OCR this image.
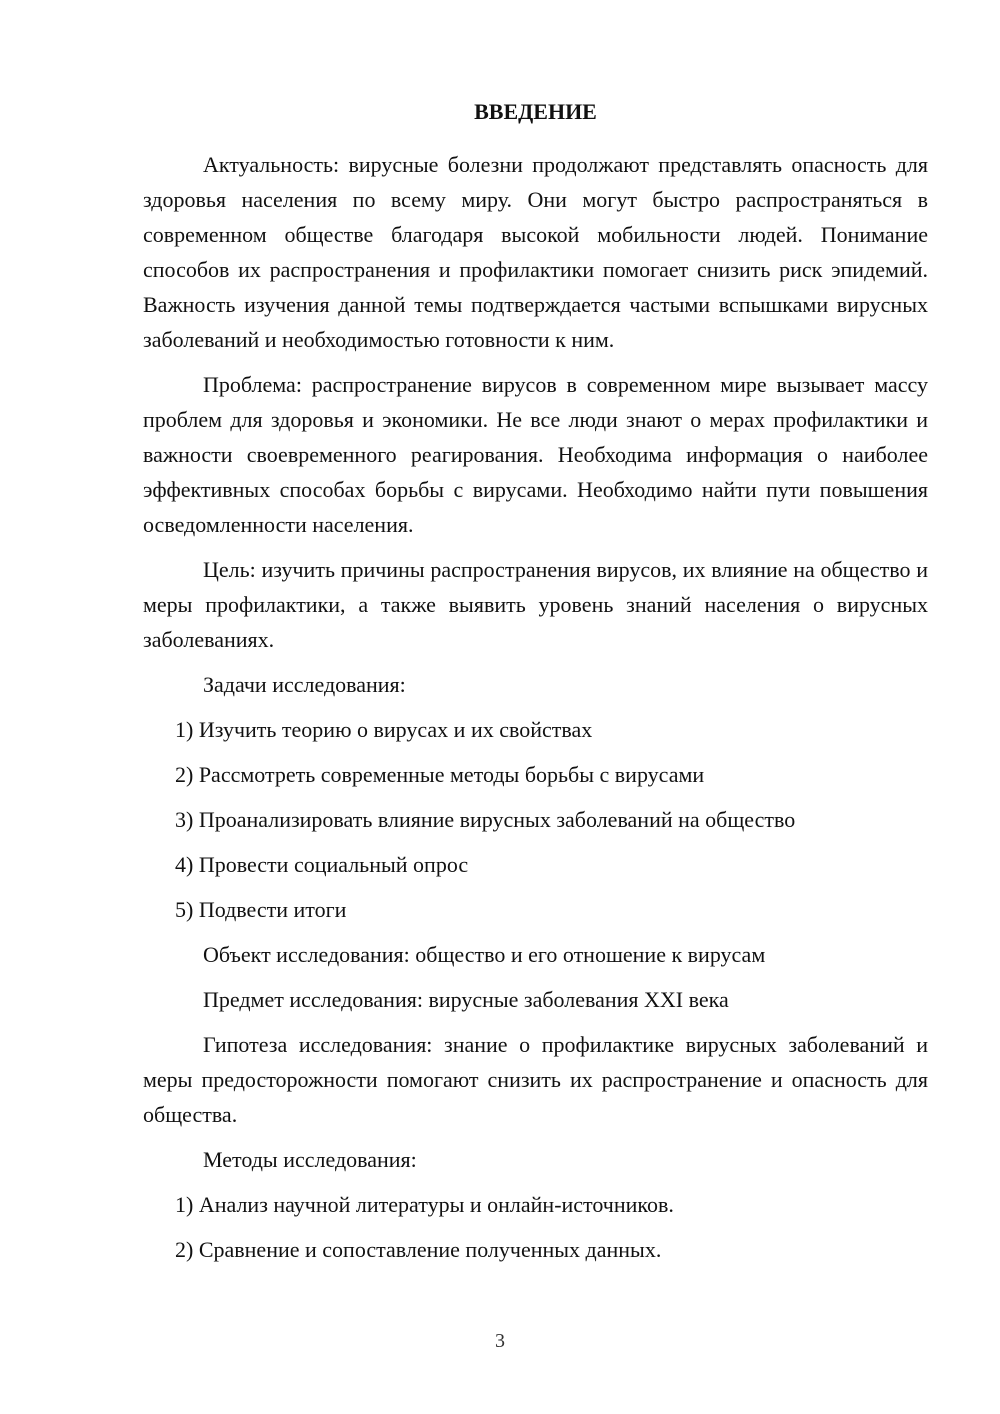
ВВЕДЕНИЕ

Актуальность: вирусные болезни продолжают представлять опасность для здоровья населения по всему миру. Они могут быстро распространяться в современном обществе благодаря высокой мобильности людей. Понимание способов их распространения и профилактики помогает снизить риск эпидемий. Важность изучения данной темы подтверждается частыми вспышками вирусных заболеваний и необходимостью готовности к ним.

Проблема: распространение вирусов в современном мире вызывает массу проблем для здоровья и экономики. Не все люди знают о мерах профилактики и важности своевременного реагирования. Необходима информация о наиболее эффективных способах борьбы с вирусами. Необходимо найти пути повышения осведомленности населения.

Цель: изучить причины распространения вирусов, их влияние на общество и меры профилактики, а также выявить уровень знаний населения о вирусных заболеваниях.

Задачи исследования:

1) Изучить теорию о вирусах и их свойствах
2) Рассмотреть современные методы борьбы с вирусами
3) Проанализировать влияние вирусных заболеваний на общество
4) Провести социальный опрос
5) Подвести итоги

Объект исследования: общество и его отношение к вирусам

Предмет исследования: вирусные заболевания XXI века

Гипотеза исследования: знание о профилактике вирусных заболеваний и меры предосторожности помогают снизить их распространение и опасность для общества.

Методы исследования:

1) Анализ научной литературы и онлайн-источников.
2) Сравнение и сопоставление полученных данных.
3
